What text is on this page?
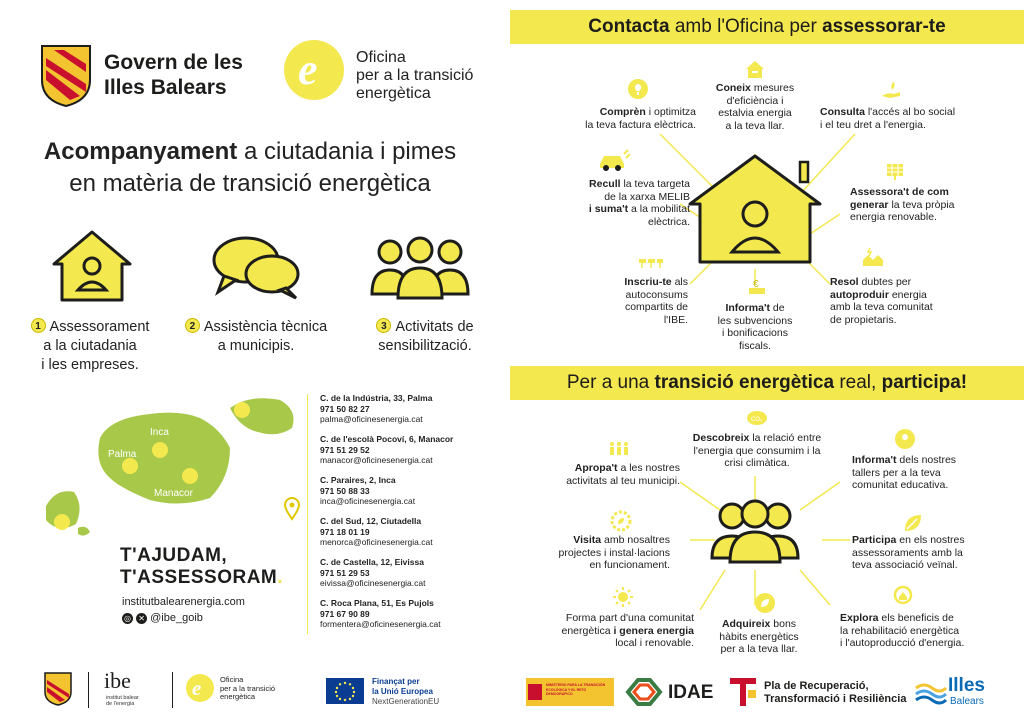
Govern de les
Illes Balears	e Oficina
per a la transició
energètica
Acompanyament a ciutadania i pimes
en matèria de transició energètica
1 Assessorament
a la ciutadania
i les empreses.
2 Assistència tècnica
a municipis.
3 Activitats de
sensibilització.
Inca
Palma
Manacor
C. de la Indústria, 33, Palma
971 50 82 27
palma@oficinesenergia.cat
C. de l'escolà Pocoví, 6, Manacor
971 51 29 52
manacor@oficinesenergia.cat
C. Paraires, 2, Inca
971 50 88 33
inca@oficinesenergia.cat
C. del Sud, 12, Ciutadella
971 18 01 19
menorca@oficinesenergia.cat
C. de Castella, 12, Eivissa
971 51 29 53
eivissa@oficinesenergia.cat
C. Roca Plana, 51, Es Pujols
971 67 90 89
formentera@oficinesenergia.cat
T'AJUDAM,
T'ASSESSORAM.
institutbalearenergia.com
◎ ✕ @ibe_goib
ibe
institut balear
de l'energia
e Oficina
per a la transició
energètica
Finançat per
la Unió Europea
NextGenerationEU
Contacta amb l'Oficina per assessorar-te
€
Comprèn i optimitza
la teva factura elèctrica.
Coneix mesures
d'eficiència i
estalvia energia
a la teva llar.
Consulta l'accés al bo social
i el teu dret a l'energia.
Recull la teva targeta
de la xarxa MELIB
i suma't a la mobilitat
elèctrica.
Assessora't de com
generar la teva pròpia
energia renovable.
Inscriu-te als
autoconsums
compartits de
l'IBE.
Informa't de
les subvencions
i bonificacions
fiscals.
Resol dubtes per
autoproduir energia
amb la teva comunitat
de propietaris.
Per a una transició energètica real, participa!
CO₂
Descobreix la relació entre
l'energia que consumim i la
crisi climàtica.
Apropa't a les nostres
activitats al teu municipi.
Informa't dels nostres
tallers per a la teva
comunitat educativa.
Visita amb nosaltres
projectes i instal·lacions
en funcionament.
Participa en els nostres
assessoraments amb la
teva associació veïnal.
Forma part d'una comunitat
energètica i genera energia
local i renovable.
Adquireix bons
hàbits energètics
per a la teva llar.
Explora els beneficis de
la rehabilitació energètica
i l'autoproducció d'energia.
MINISTERIO PARA LA TRANSICIÓN ECOLÓGICA Y EL RETO DEMOGRÁFICO	IDAE	Pla de Recuperació,
Transformació i Resiliència
Illes
Balears
